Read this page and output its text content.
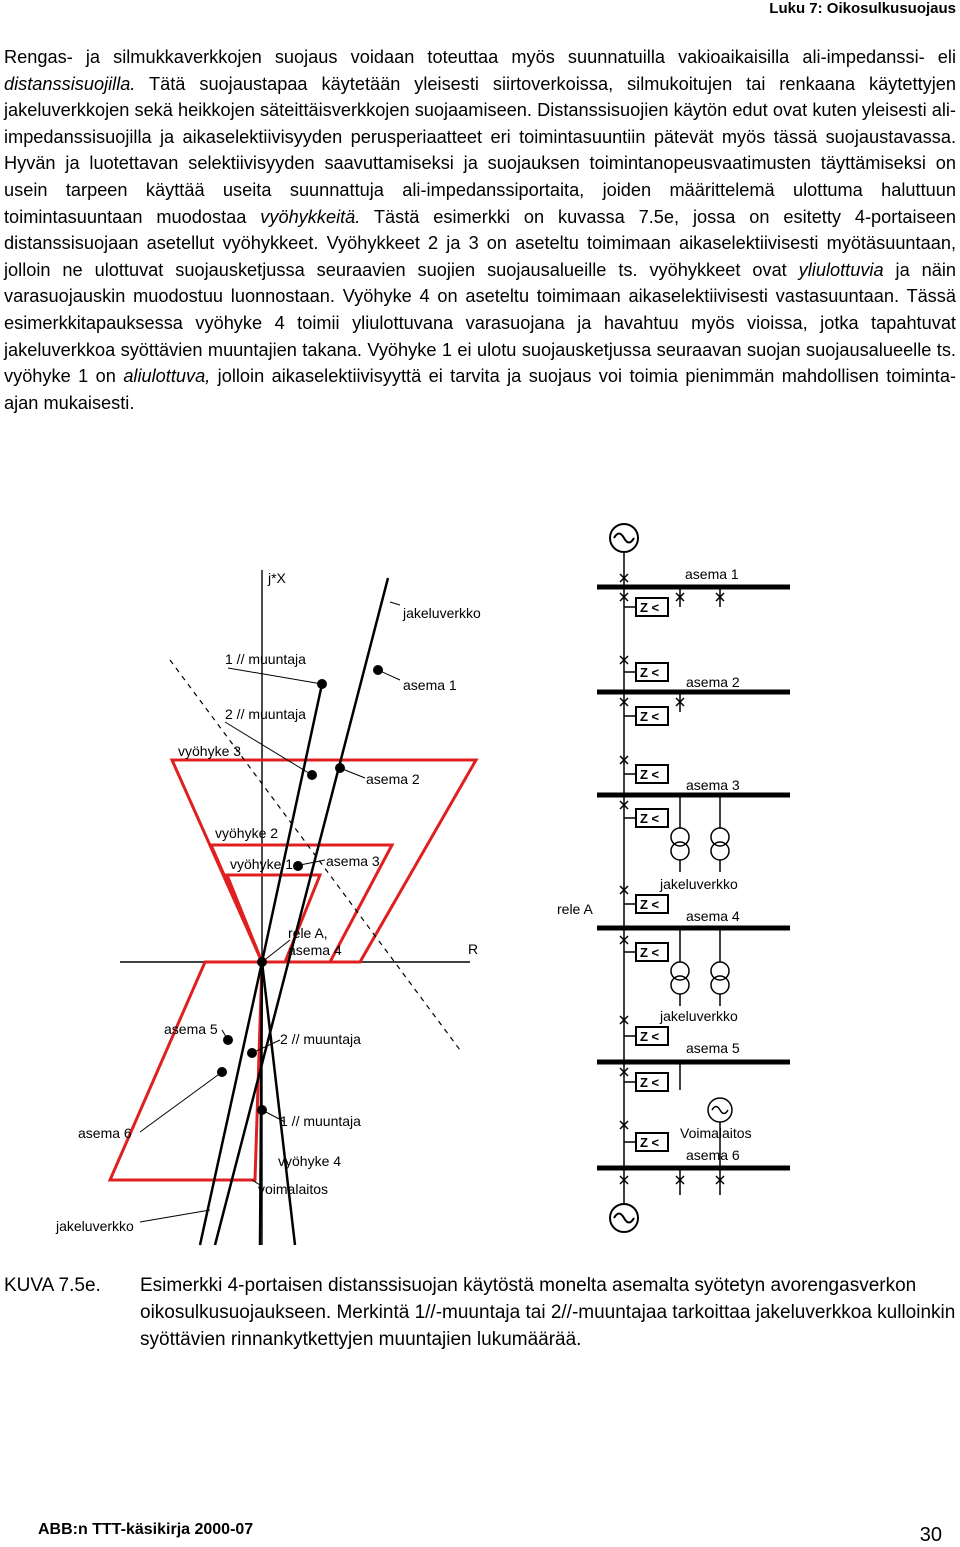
Luku 7: Oikosulkusuojaus
Rengas- ja silmukkaverkkojen suojaus voidaan toteuttaa myös suunnatuilla vakioaikaisilla ali-impedanssi- eli distanssisuojilla. Tätä suojaustapaa käytetään yleisesti siirtoverkoissa, silmukoitujen tai renkaana käytettyjen jakeluverkkojen sekä heikkojen säteittäisverkkojen suojaamiseen. Distanssisuojien käytön edut ovat kuten yleisesti ali-impedanssisuojilla ja aikaselektiivisyyden perusperiaatteet eri toimintasuuntiin pätevät myös tässä suojaustavassa. Hyvän ja luotettavan selektiivisyyden saavuttamiseksi ja suojauksen toimintanopeusvaatimusten täyttämiseksi on usein tarpeen käyttää useita suunnattuja ali-impedanssiportaita, joiden määrittelemä ulottuma haluttuun toimintasuuntaan muodostaa vyöhykkeitä. Tästä esimerkki on kuvassa 7.5e, jossa on esitetty 4-portaiseen distanssisuojaan asetellut vyöhykkeet. Vyöhykkeet 2 ja 3 on aseteltu toimimaan aikaselektiivisesti myötäsuuntaan, jolloin ne ulottuvat suojausketjussa seuraavien suojien suojausalueille ts. vyöhykkeet ovat yliulottuvia ja näin varasuojauskin muodostuu luonnostaan. Vyöhyke 4 on aseteltu toimimaan aikaselektiivisesti vastasuuntaan. Tässä esimerkkitapauksessa vyöhyke 4 toimii yliulottuvana varasuojana ja havahtuu myös vioissa, jotka tapahtuvat jakeluverkkoa syöttävien muuntajien takana. Vyöhyke 1 ei ulotu suojausketjussa seuraavan suojan suojausalueelle ts. vyöhyke 1 on aliulottuva, jolloin aikaselektiivisyyttä ei tarvita ja suojaus voi toimia pienimmän mahdollisen toiminta-ajan mukaisesti.
j*X
R
jakeluverkko
1 // muuntaja
asema 1
2 // muuntaja
vyöhyke 3
asema 2
vyöhyke 2
vyöhyke 1 asema 3
rele A,
asema 4
asema 5
2 // muuntaja
asema 6
1 // muuntaja
vyöhyke 4
voimalaitos
jakeluverkko
Z <
Z <
Z <
Z <
Z <
Z <
Z <
Z <
Z <
Z <
asema 1
asema 2
asema 3
jakeluverkko
rele A	asema 4
jakeluverkko
asema 5
Voimalaitos
asema 6
KUVA 7.5e. Esimerkki 4-portaisen distanssisuojan käytöstä monelta asemalta syötetyn avorengasverkon oikosulkusuojaukseen. Merkintä 1//-muuntaja tai 2//-muuntajaa tarkoittaa jakeluverkkoa kulloinkin syöttävien rinnankytkettyjen muuntajien lukumäärää.
ABB:n TTT-käsikirja 2000-07	30
